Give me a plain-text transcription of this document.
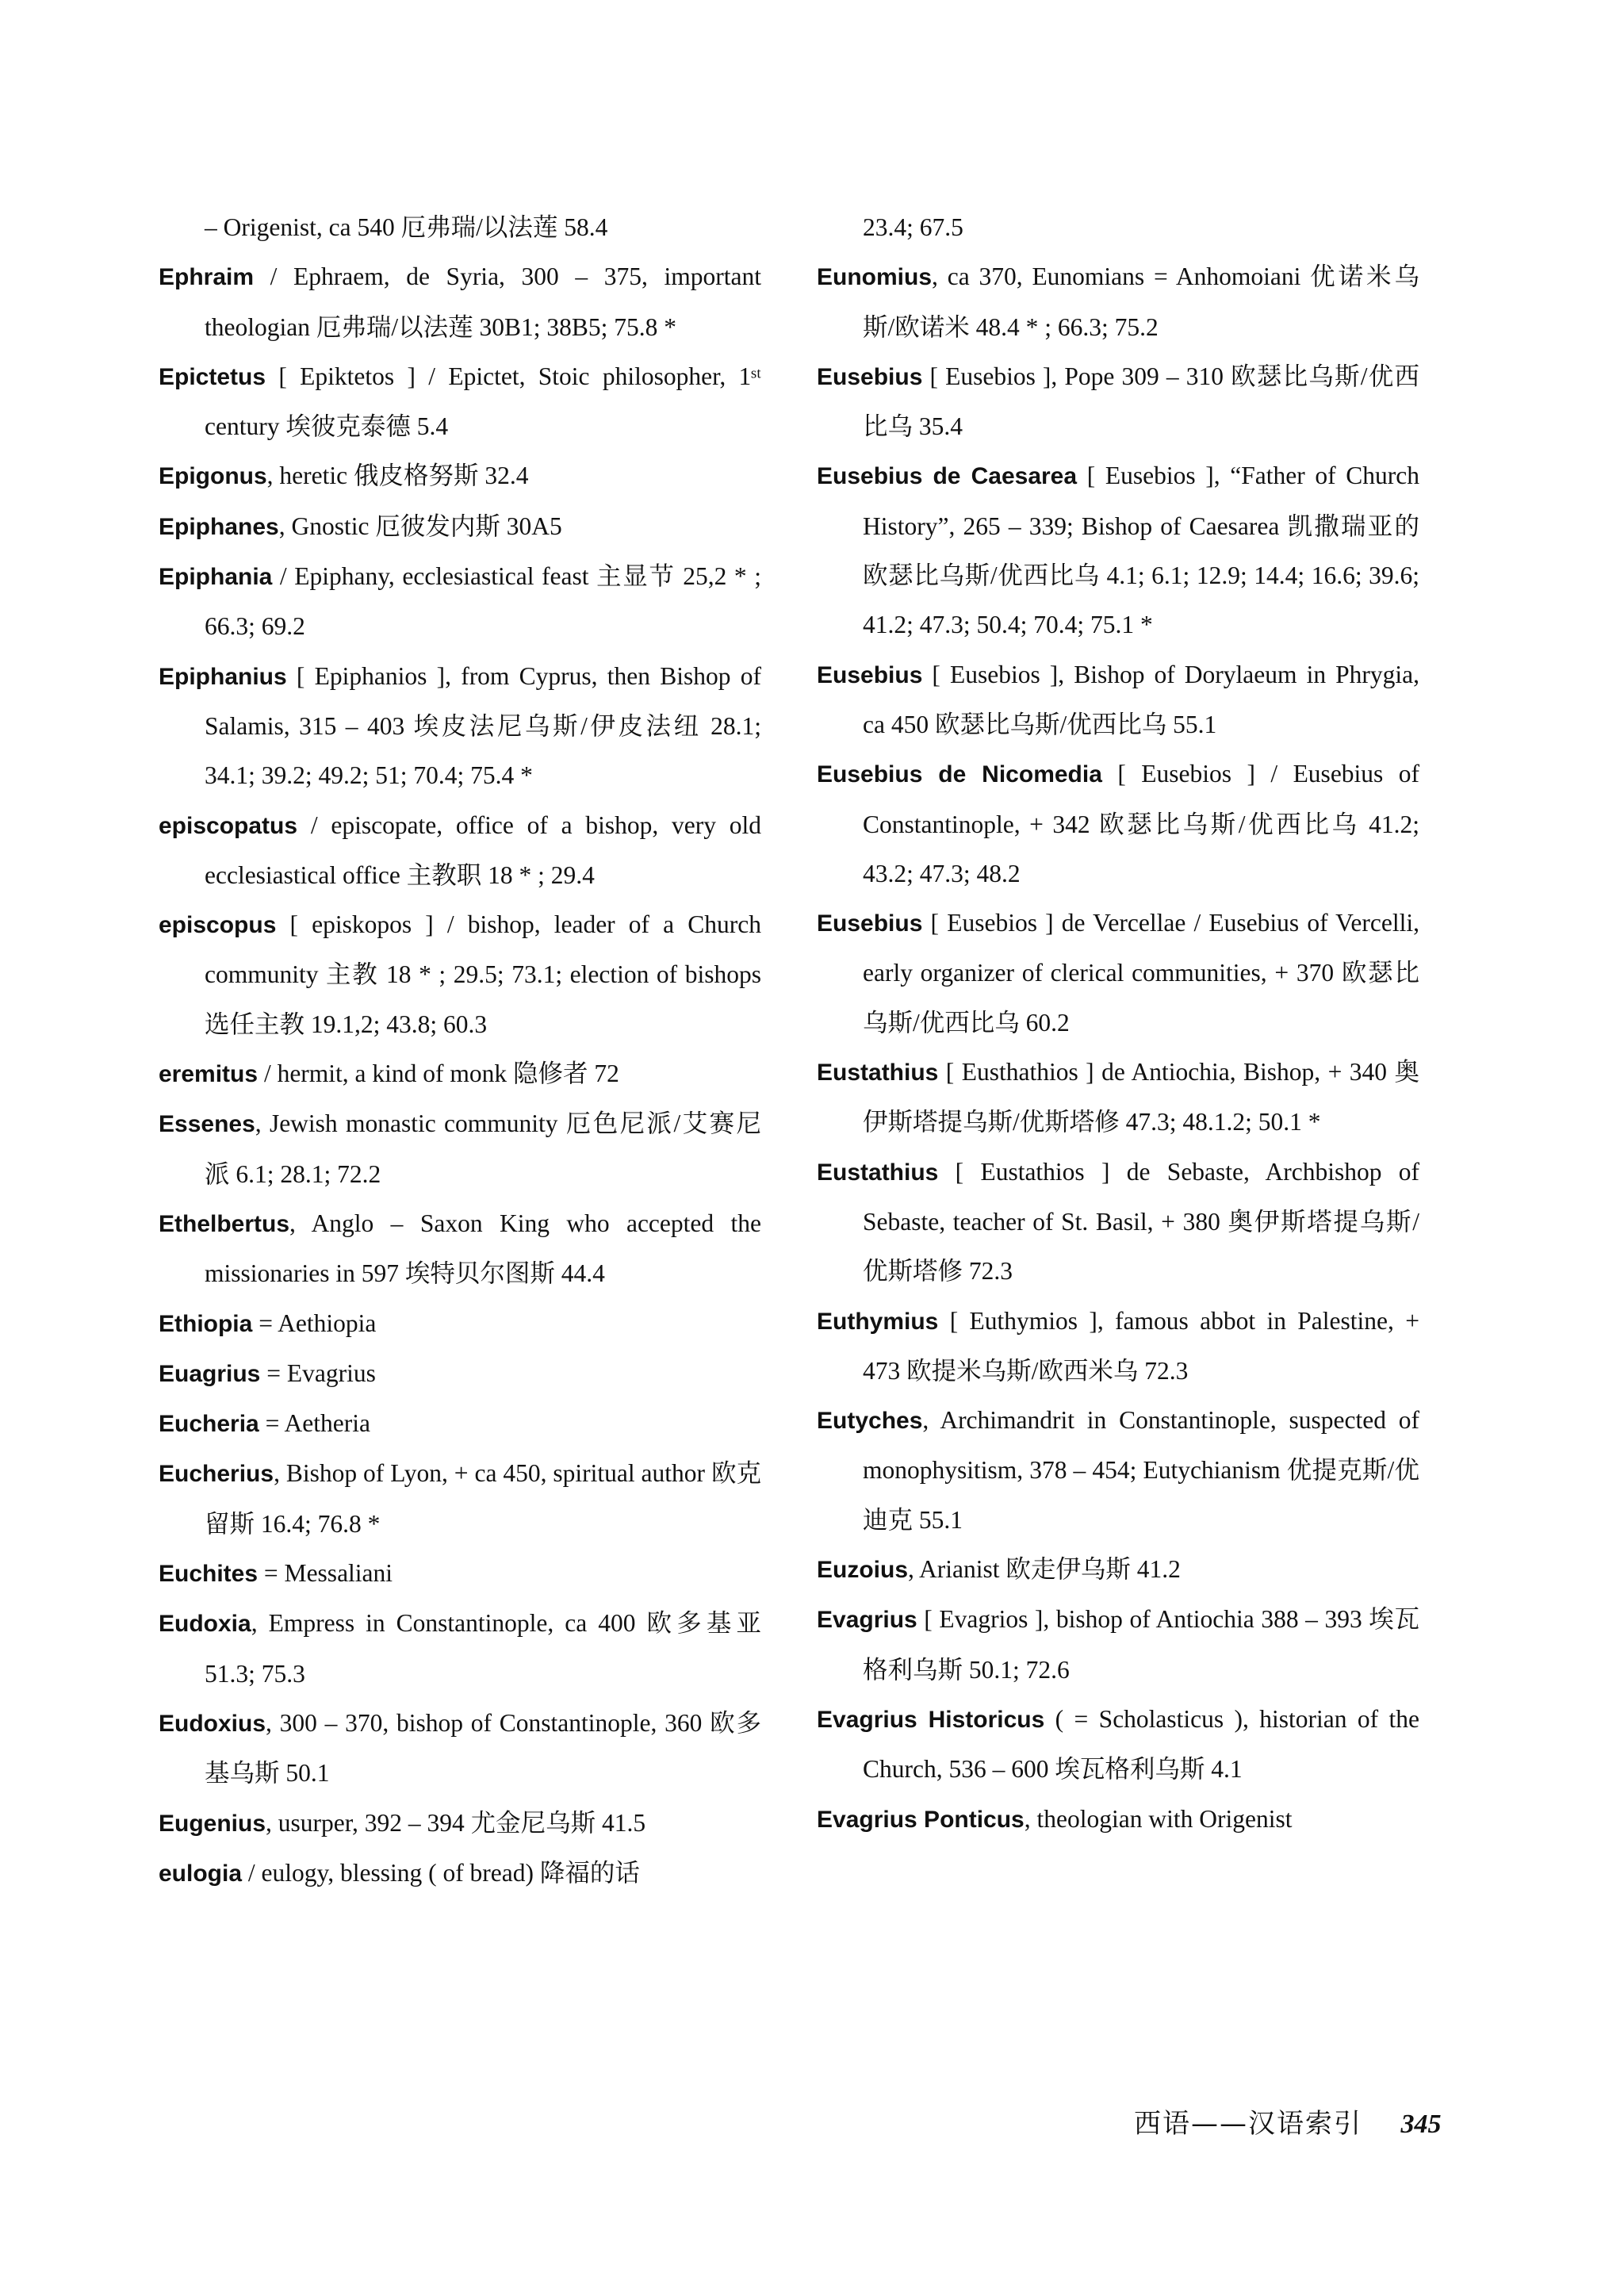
– Origenist, ca 540 厄弗瑞/以法莲 58.4

Ephraim / Ephraem, de Syria, 300 – 375, important theologian 厄弗瑞/以法莲 30B1; 38B5; 75.8 *

Epictetus [ Epiktetos ] / Epictet, Stoic philosopher, 1ˢᵗ century 埃彼克泰德 5.4

Epigonus, heretic 俄皮格努斯 32.4

Epiphanes, Gnostic 厄彼发内斯 30A5

Epiphania / Epiphany, ecclesiastical feast 主显节 25,2 * ; 66.3; 69.2

Epiphanius [ Epiphanios ], from Cyprus, then Bishop of Salamis, 315 – 403 埃皮法尼乌斯/伊皮法纽 28.1; 34.1; 39.2; 49.2; 51; 70.4; 75.4 *

episcopatus / episcopate, office of a bishop, very old ecclesiastical office 主教职 18 * ; 29.4

episcopus [ episkopos ] / bishop, leader of a Church community 主教 18 * ; 29.5; 73.1; election of bishops 选任主教 19.1,2; 43.8; 60.3

eremitus / hermit, a kind of monk 隐修者 72

Essenes, Jewish monastic community 厄色尼派/艾赛尼派 6.1; 28.1; 72.2

Ethelbertus, Anglo – Saxon King who accepted the missionaries in 597 埃特贝尔图斯 44.4

Ethiopia = Aethiopia

Euagrius = Evagrius

Eucheria = Aetheria

Eucherius, Bishop of Lyon, + ca 450, spiritual author 欧克留斯 16.4; 76.8 *

Euchites = Messaliani

Eudoxia, Empress in Constantinople, ca 400 欧多基亚 51.3; 75.3

Eudoxius, 300 – 370, bishop of Constantinople, 360 欧多基乌斯 50.1

Eugenius, usurper, 392 – 394 尤金尼乌斯 41.5

eulogia / eulogy, blessing ( of bread) 降福的话

23.4; 67.5

Eunomius, ca 370, Eunomians = Anhomoiani 优诺米乌斯/欧诺米 48.4 * ; 66.3; 75.2

Eusebius [ Eusebios ], Pope 309 – 310 欧瑟比乌斯/优西比乌 35.4

Eusebius de Caesarea [ Eusebios ], “Father of Church History”, 265 – 339; Bishop of Caesarea 凯撒瑞亚的欧瑟比乌斯/优西比乌 4.1; 6.1; 12.9; 14.4; 16.6; 39.6; 41.2; 47.3; 50.4; 70.4; 75.1 *

Eusebius [ Eusebios ], Bishop of Dorylaeum in Phrygia, ca 450 欧瑟比乌斯/优西比乌 55.1

Eusebius de Nicomedia [ Eusebios ] / Eusebius of Constantinople, + 342 欧瑟比乌斯/优西比乌 41.2; 43.2; 47.3; 48.2

Eusebius [ Eusebios ] de Vercellae / Eusebius of Vercelli, early organizer of clerical communities, + 370 欧瑟比乌斯/优西比乌 60.2

Eustathius [ Eusthathios ] de Antiochia, Bishop, + 340 奥伊斯塔提乌斯/优斯塔修 47.3; 48.1.2; 50.1 *

Eustathius [ Eustathios ] de Sebaste, Archbishop of Sebaste, teacher of St. Basil, + 380 奥伊斯塔提乌斯/优斯塔修 72.3

Euthymius [ Euthymios ], famous abbot in Palestine, + 473 欧提米乌斯/欧西米乌 72.3

Eutyches, Archimandrit in Constantinople, suspected of monophysitism, 378 – 454; Eutychianism 优提克斯/优迪克 55.1

Euzoius, Arianist 欧走伊乌斯 41.2

Evagrius [ Evagrios ], bishop of Antiochia 388 – 393 埃瓦格利乌斯 50.1; 72.6

Evagrius Historicus ( = Scholasticus ), historian of the Church, 536 – 600 埃瓦格利乌斯 4.1

Evagrius Ponticus, theologian with Origenist

西语——汉语索引 345
